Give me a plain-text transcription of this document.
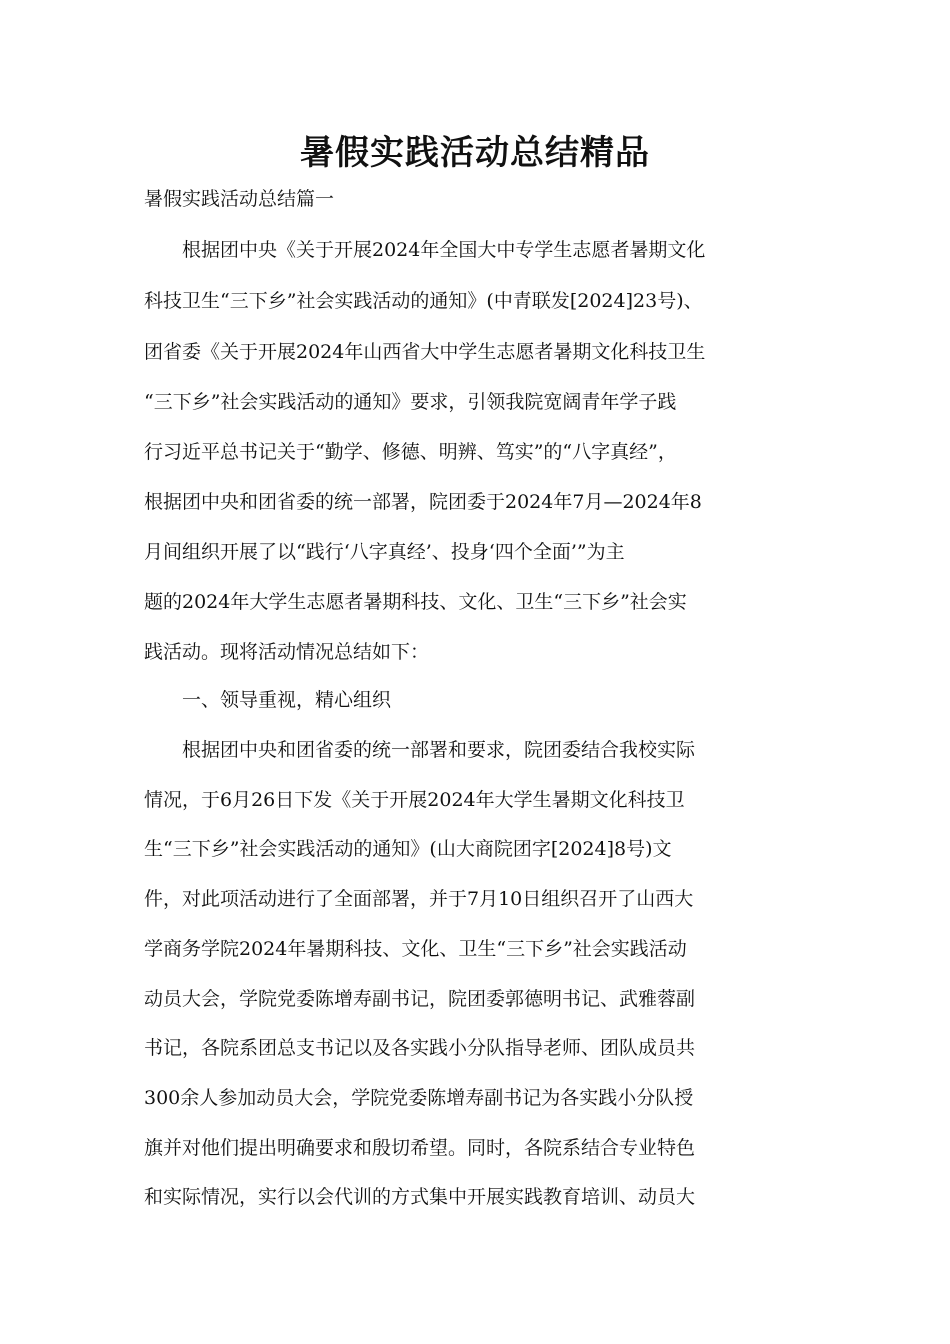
暑假实践活动总结精品

暑假实践活动总结篇一

　　根据团中央《关于开展2024年全国大中专学生志愿者暑期文化

科技卫生“三下乡”社会实践活动的通知》(中青联发[2024]23号)、

团省委《关于开展2024年山西省大中学生志愿者暑期文化科技卫生

“三下乡”社会实践活动的通知》要求，引领我院宽阔青年学子践

行习近平总书记关于“勤学、修德、明辨、笃实”的“八字真经”，

根据团中央和团省委的统一部署，院团委于2024年7月—2024年8

月间组织开展了以“践行‘八字真经’、投身‘四个全面’”为主

题的2024年大学生志愿者暑期科技、文化、卫生“三下乡”社会实

践活动。现将活动情况总结如下：

　　一、领导重视，精心组织

　　根据团中央和团省委的统一部署和要求，院团委结合我校实际

情况，于6月26日下发《关于开展2024年大学生暑期文化科技卫

生“三下乡”社会实践活动的通知》(山大商院团字[2024]8号)文

件，对此项活动进行了全面部署，并于7月10日组织召开了山西大

学商务学院2024年暑期科技、文化、卫生“三下乡”社会实践活动

动员大会，学院党委陈增寿副书记，院团委郭德明书记、武雅蓉副

书记，各院系团总支书记以及各实践小分队指导老师、团队成员共

300余人参加动员大会，学院党委陈增寿副书记为各实践小分队授

旗并对他们提出明确要求和殷切希望。同时，各院系结合专业特色

和实际情况，实行以会代训的方式集中开展实践教育培训、动员大
